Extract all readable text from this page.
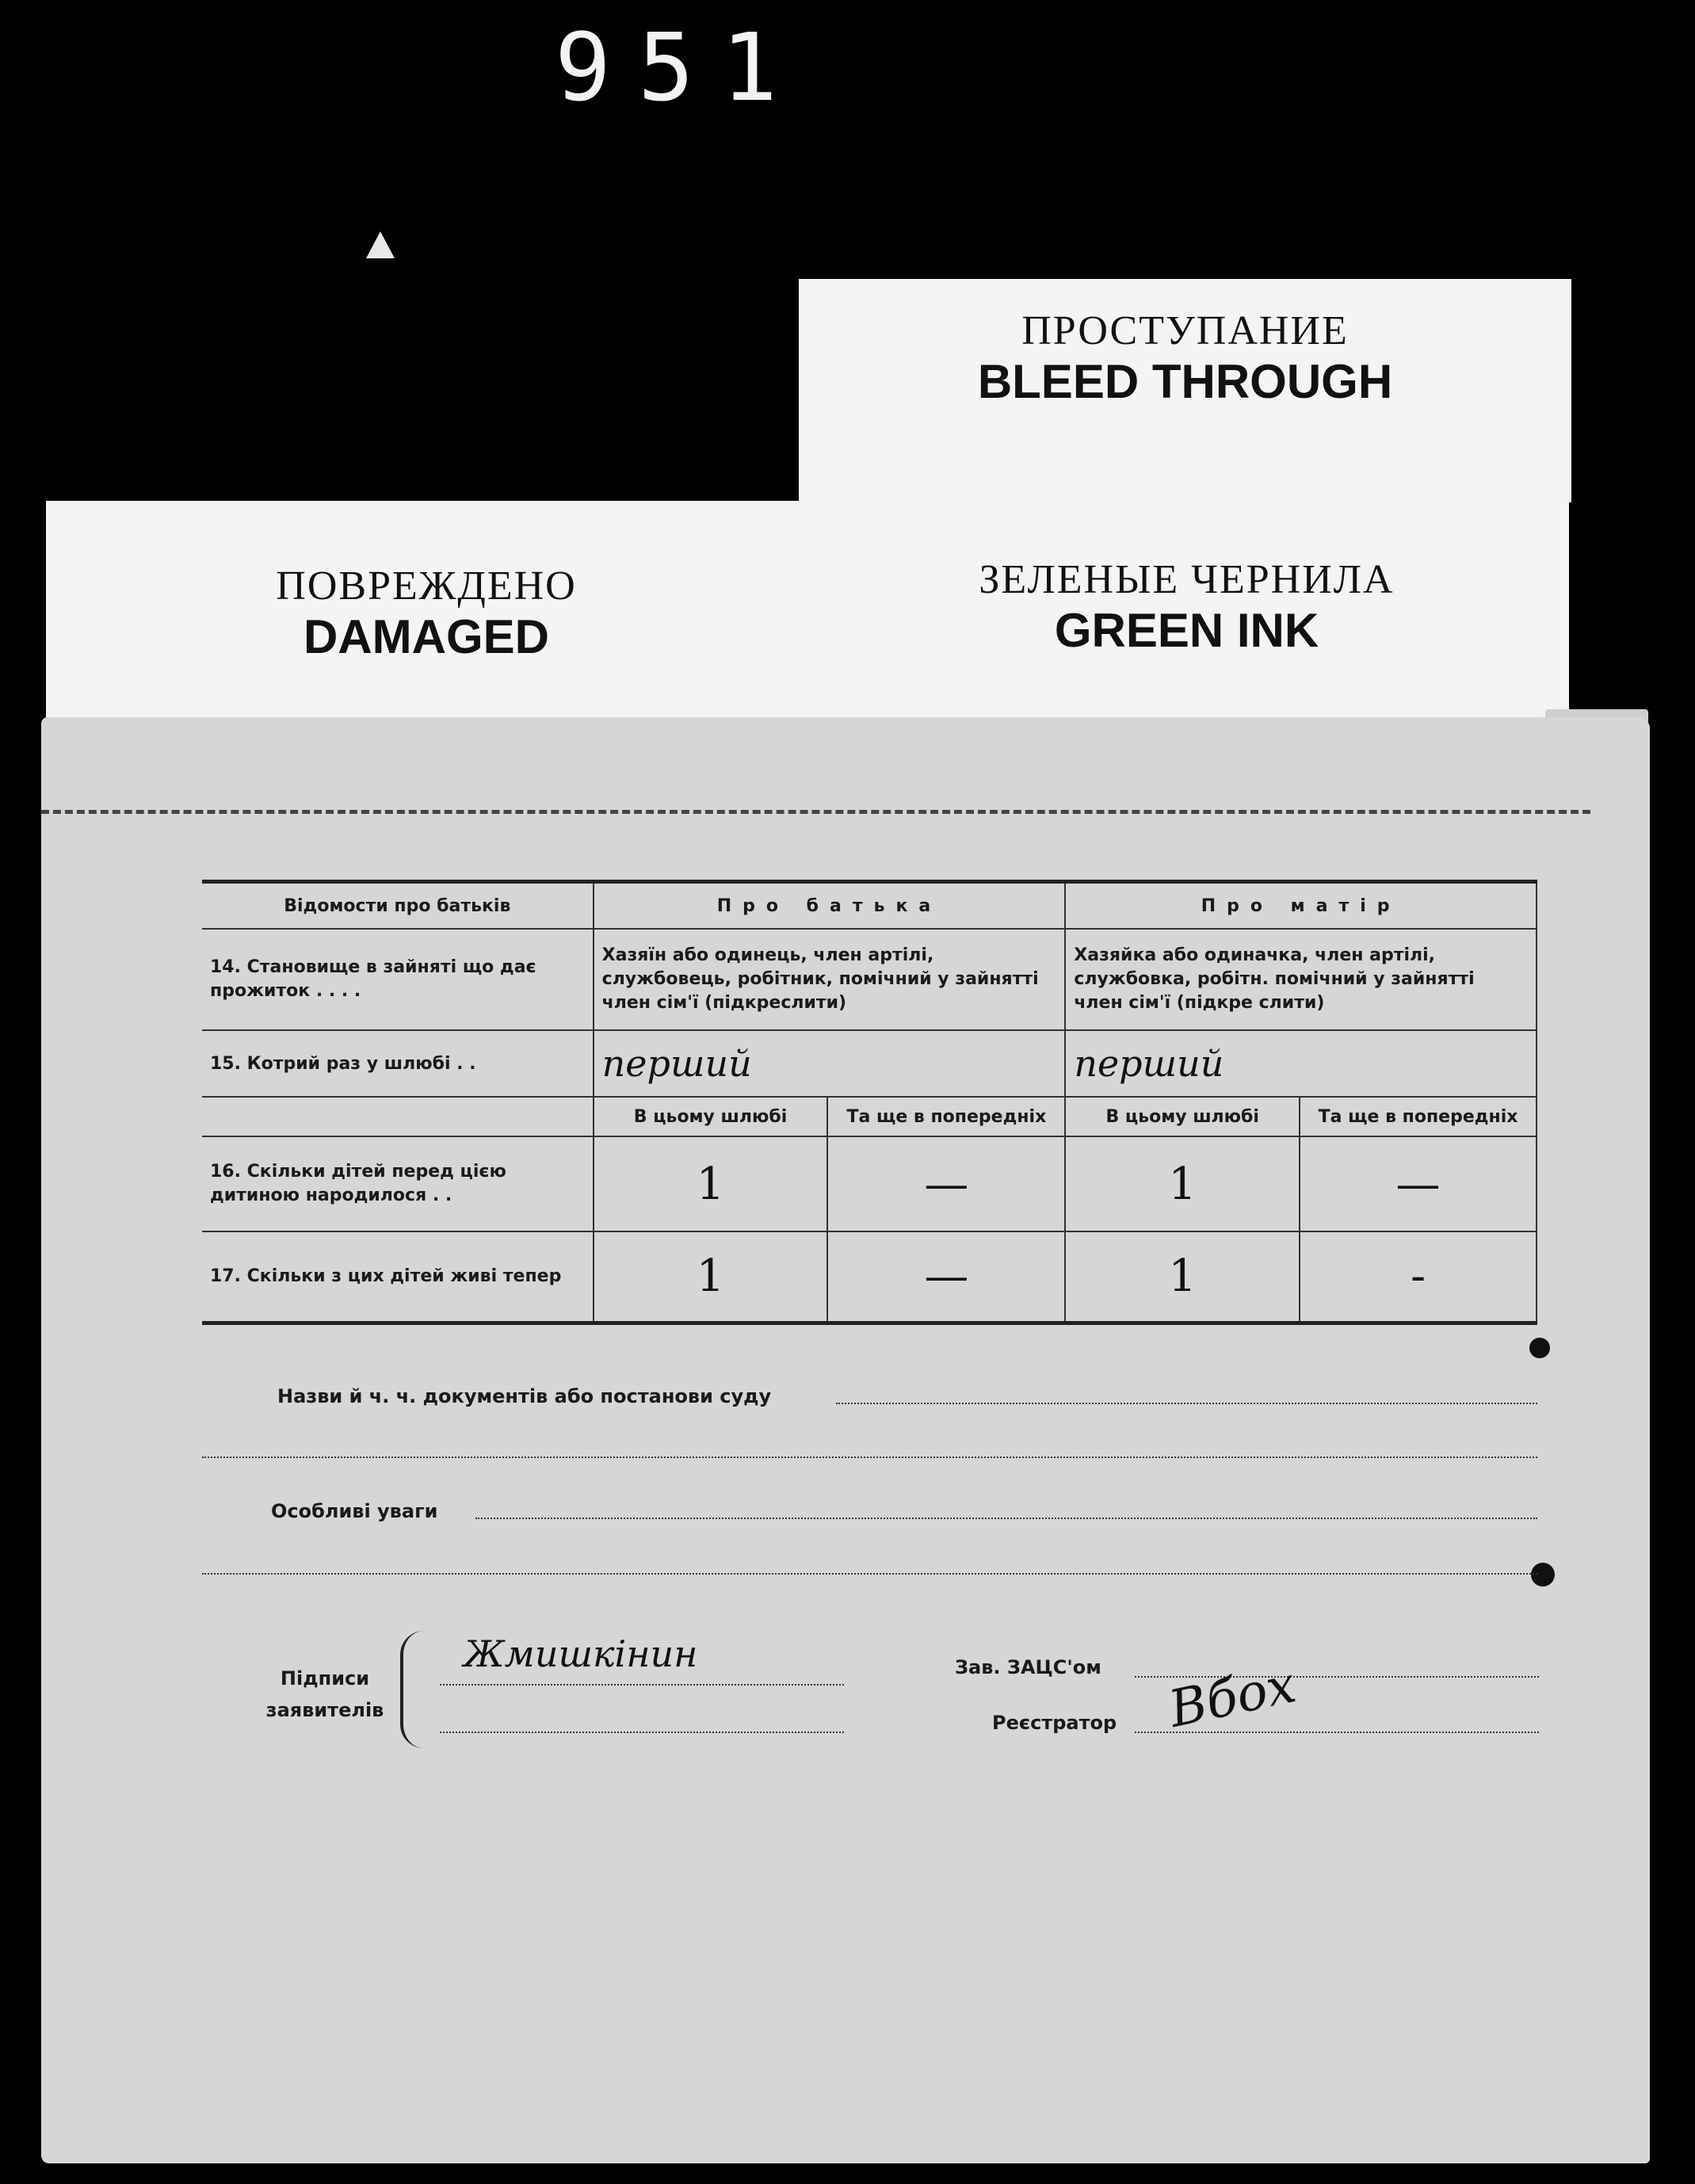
951
ПРОСТУПАНИЕ
BLEED THROUGH
ПОВРЕЖДЕНО
DAMAGED
ЗЕЛЕНЫЕ ЧЕРНИЛА
GREEN INK
Відомости про батьків	Про батька		Про матір	
14. Становище в зайняті що дає прожиток . . . .	Хазяїн або одинець, член артілі, службовець, робітник, помічний у зайнятті член сім'ї (підкреслити)		Хазяйка або одиначка, член артілі, службовка, робітн. помічний у зайнятті член сім'ї (підкре слити)	
15. Котрий раз у шлюбі . .	перший		перший	
	В цьому шлюбі	Та ще в попередніх	В цьому шлюбі	Та ще в попередніх
16. Скільки дітей перед цією дитиною народилося . .	1	—	1	—
17. Скільки з цих дітей живі тепер	1	—	1	-
Назви й ч. ч. документів або постанови суду
Особливі уваги
Підписи заявителів
Жмишкінин	Зав. ЗАЦС'ом
Реєстратор Вбох
